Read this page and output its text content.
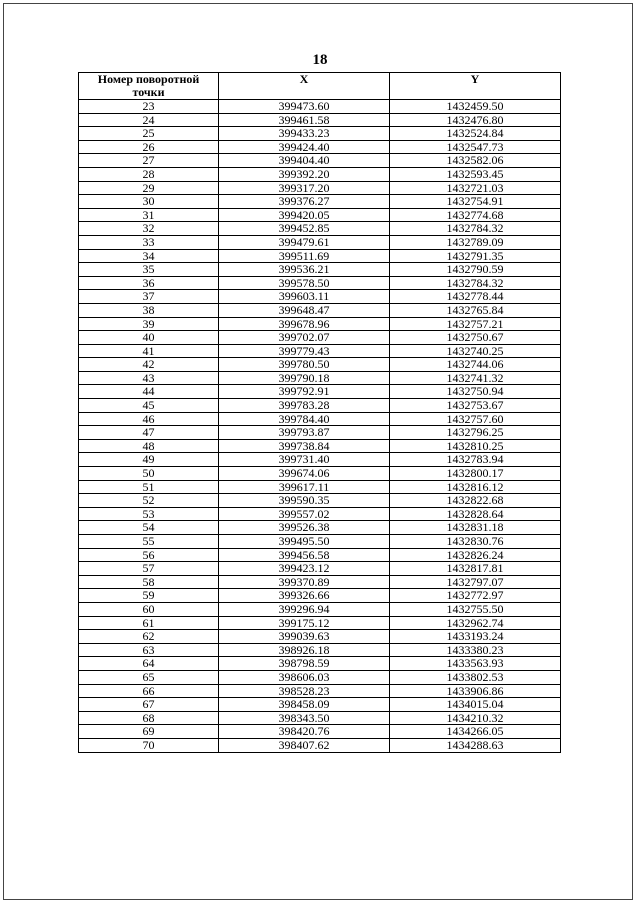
18
Номер поворотной точки	X	Y
23	399473.60	1432459.50
24	399461.58	1432476.80
25	399433.23	1432524.84
26	399424.40	1432547.73
27	399404.40	1432582.06
28	399392.20	1432593.45
29	399317.20	1432721.03
30	399376.27	1432754.91
31	399420.05	1432774.68
32	399452.85	1432784.32
33	399479.61	1432789.09
34	399511.69	1432791.35
35	399536.21	1432790.59
36	399578.50	1432784.32
37	399603.11	1432778.44
38	399648.47	1432765.84
39	399678.96	1432757.21
40	399702.07	1432750.67
41	399779.43	1432740.25
42	399780.50	1432744.06
43	399790.18	1432741.32
44	399792.91	1432750.94
45	399783.28	1432753.67
46	399784.40	1432757.60
47	399793.87	1432796.25
48	399738.84	1432810.25
49	399731.40	1432783.94
50	399674.06	1432800.17
51	399617.11	1432816.12
52	399590.35	1432822.68
53	399557.02	1432828.64
54	399526.38	1432831.18
55	399495.50	1432830.76
56	399456.58	1432826.24
57	399423.12	1432817.81
58	399370.89	1432797.07
59	399326.66	1432772.97
60	399296.94	1432755.50
61	399175.12	1432962.74
62	399039.63	1433193.24
63	398926.18	1433380.23
64	398798.59	1433563.93
65	398606.03	1433802.53
66	398528.23	1433906.86
67	398458.09	1434015.04
68	398343.50	1434210.32
69	398420.76	1434266.05
70	398407.62	1434288.63
